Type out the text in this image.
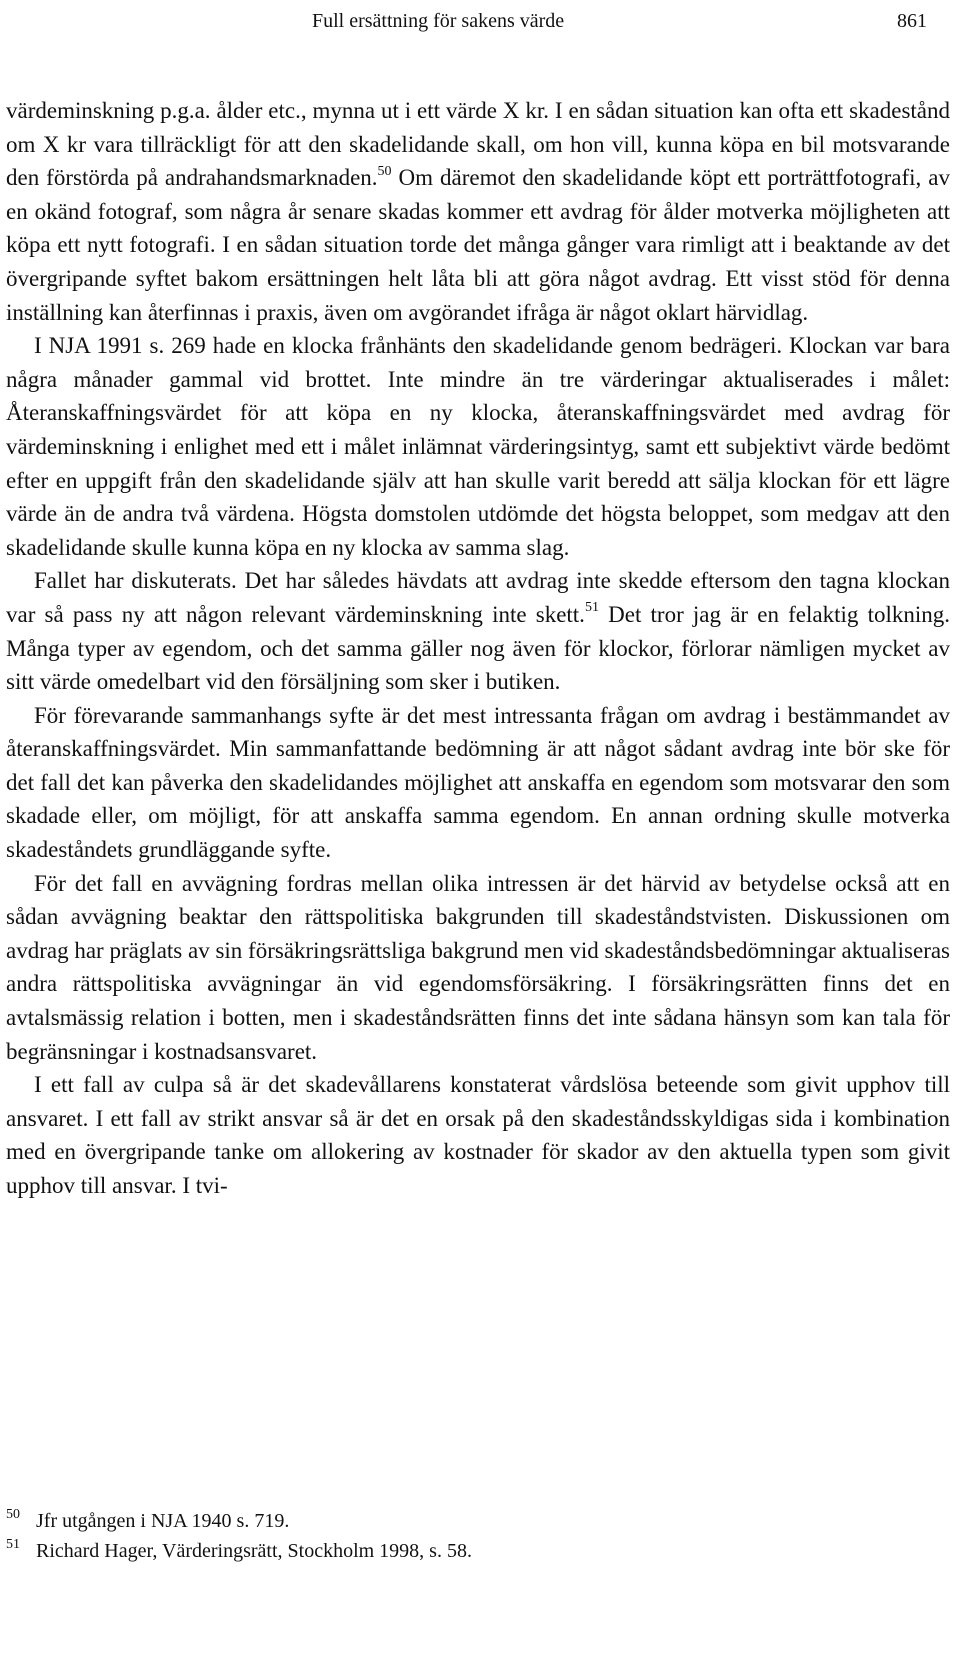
Full ersättning för sakens värde	861

värdeminskning p.g.a. ålder etc., mynna ut i ett värde X kr. I en sådan situation kan ofta ett skadestånd om X kr vara tillräckligt för att den skadelidande skall, om hon vill, kunna köpa en bil motsvarande den förstörda på andrahandsmarknaden.$^{50}$ Om däremot den skadelidande köpt ett porträttfotografi, av en okänd fotograf, som några år senare skadas kommer ett avdrag för ålder motverka möjligheten att köpa ett nytt fotografi. I en sådan situation torde det många gånger vara rimligt att i beaktande av det övergripande syftet bakom ersättningen helt låta bli att göra något avdrag. Ett visst stöd för denna inställning kan återfinnas i praxis, även om avgörandet ifråga är något oklart härvidlag.

I NJA 1991 s. 269 hade en klocka frånhänts den skadelidande genom bedrägeri. Klockan var bara några månader gammal vid brottet. Inte mindre än tre värderingar aktualiserades i målet: Återanskaffningsvärdet för att köpa en ny klocka, återanskaffningsvärdet med avdrag för värdeminskning i enlighet med ett i målet inlämnat värderingsintyg, samt ett subjektivt värde bedömt efter en uppgift från den skadelidande själv att han skulle varit beredd att sälja klockan för ett lägre värde än de andra två värdena. Högsta domstolen utdömde det högsta beloppet, som medgav att den skadelidande skulle kunna köpa en ny klocka av samma slag.

Fallet har diskuterats. Det har således hävdats att avdrag inte skedde eftersom den tagna klockan var så pass ny att någon relevant värdeminskning inte skett.$^{51}$ Det tror jag är en felaktig tolkning. Många typer av egendom, och det samma gäller nog även för klockor, förlorar nämligen mycket av sitt värde omedelbart vid den försäljning som sker i butiken.

För förevarande sammanhangs syfte är det mest intressanta frågan om avdrag i bestämmandet av återanskaffningsvärdet. Min sammanfattande bedömning är att något sådant avdrag inte bör ske för det fall det kan påverka den skadelidandes möjlighet att anskaffa en egendom som motsvarar den som skadade eller, om möjligt, för att anskaffa samma egendom. En annan ordning skulle motverka skadeståndets grundläggande syfte.

För det fall en avvägning fordras mellan olika intressen är det härvid av betydelse också att en sådan avvägning beaktar den rättspolitiska bakgrunden till skadeståndstvisten. Diskussionen om avdrag har präglats av sin försäkringsrättsliga bakgrund men vid skadeståndsbedömningar aktualiseras andra rättspolitiska avvägningar än vid egendomsförsäkring. I försäkringsrätten finns det en avtalsmässig relation i botten, men i skadeståndsrätten finns det inte sådana hänsyn som kan tala för begränsningar i kostnadsansvaret.

I ett fall av culpa så är det skadevållarens konstaterat vårdslösa beteende som givit upphov till ansvaret. I ett fall av strikt ansvar så är det en orsak på den skadeståndsskyldigas sida i kombination med en övergripande tanke om allokering av kostnader för skador av den aktuella typen som givit upphov till ansvar. I tvi-

50 Jfr utgången i NJA 1940 s. 719.
51 Richard Hager, Värderingsrätt, Stockholm 1998, s. 58.
